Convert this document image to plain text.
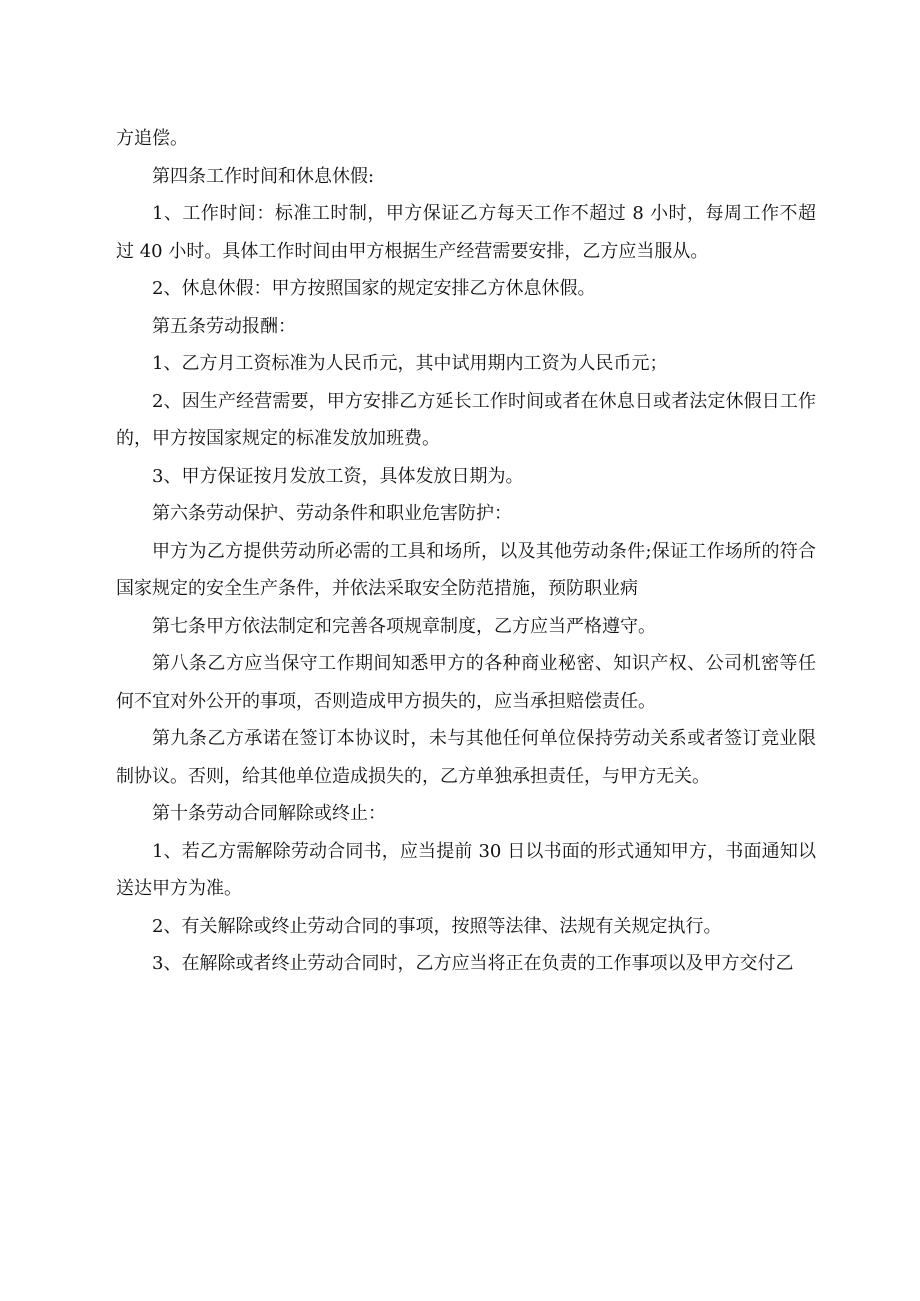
方追偿。

第四条工作时间和休息休假:

1、工作时间：标准工时制，甲方保证乙方每天工作不超过 8 小时，每周工作不超过 40 小时。具体工作时间由甲方根据生产经营需要安排，乙方应当服从。

2、休息休假：甲方按照国家的规定安排乙方休息休假。

第五条劳动报酬：

1、乙方月工资标准为人民币元，其中试用期内工资为人民币元；

2、因生产经营需要，甲方安排乙方延长工作时间或者在休息日或者法定休假日工作的，甲方按国家规定的标准发放加班费。

3、甲方保证按月发放工资，具体发放日期为。

第六条劳动保护、劳动条件和职业危害防护：

甲方为乙方提供劳动所必需的工具和场所，以及其他劳动条件;保证工作场所的符合国家规定的安全生产条件，并依法采取安全防范措施，预防职业病

第七条甲方依法制定和完善各项规章制度，乙方应当严格遵守。

第八条乙方应当保守工作期间知悉甲方的各种商业秘密、知识产权、公司机密等任何不宜对外公开的事项，否则造成甲方损失的，应当承担赔偿责任。

第九条乙方承诺在签订本协议时，未与其他任何单位保持劳动关系或者签订竞业限制协议。否则，给其他单位造成损失的，乙方单独承担责任，与甲方无关。

第十条劳动合同解除或终止：

1、若乙方需解除劳动合同书，应当提前 30 日以书面的形式通知甲方，书面通知以送达甲方为准。

2、有关解除或终止劳动合同的事项，按照等法律、法规有关规定执行。

3、在解除或者终止劳动合同时，乙方应当将正在负责的工作事项以及甲方交付乙
